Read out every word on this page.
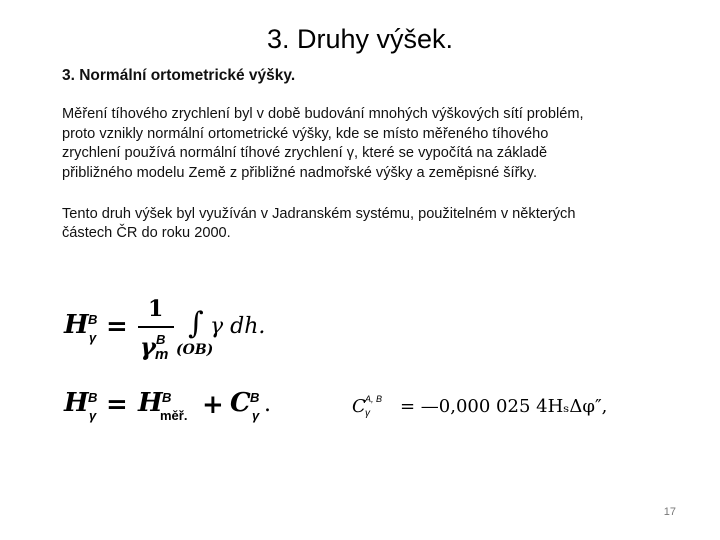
3. Druhy výšek.

3. Normální ortometrické výšky.

Měření tíhového zrychlení byl v době budování mnohých výškových sítí problém,

proto vznikly normální ortometrické výšky, kde se místo měřeného tíhového

zrychlení používá normální tíhové zrychlení γ, které se vypočítá na základě

přibližného modelu Země z přibližné nadmořské výšky a zeměpisné šířky.

Tento druh výšek byl využíván v Jadranském systému, použitelném v některých

částech ČR do roku 2000.

H B
γ =
1
γ B
m
∫
(OB)
γ dh.
H B
γ = H B
měř. + C B
γ .	C A, B
γ = —0,000 025 4HₛΔφ″,
17
